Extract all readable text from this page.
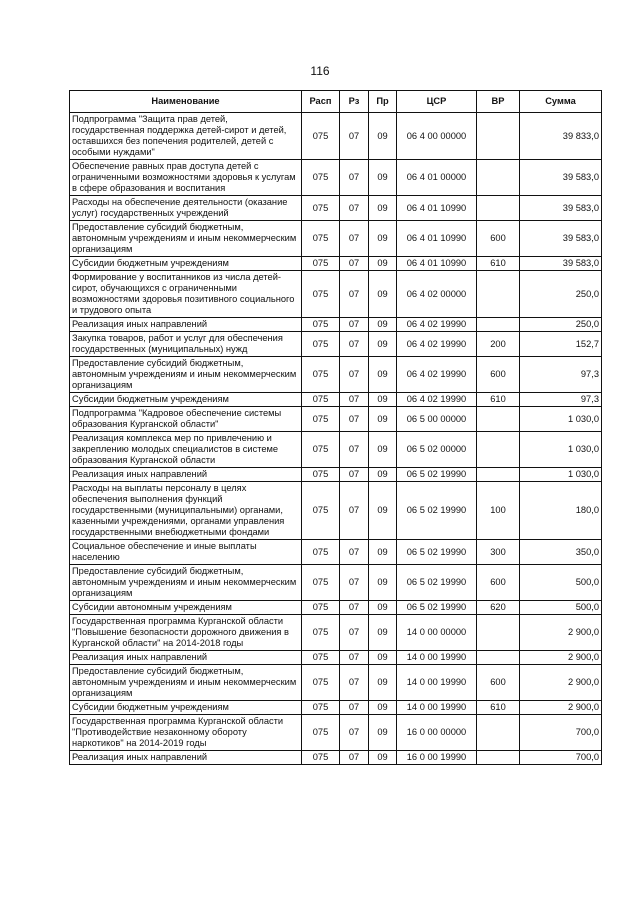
116
Наименование	Расп	Рз	Пр	ЦСР	ВР	Сумма
Подпрограмма "Защита прав детей, государственная поддержка детей-сирот и детей, оставшихся без попечения родителей, детей с особыми нуждами"	075	07	09	06 4 00 00000		39 833,0
Обеспечение равных прав доступа детей с ограниченными возможностями здоровья к услугам в сфере образования и воспитания	075	07	09	06 4 01 00000		39 583,0
Расходы на обеспечение деятельности (оказание услуг) государственных учреждений	075	07	09	06 4 01 10990		39 583,0
Предоставление субсидий бюджетным, автономным учреждениям и иным некоммерческим организациям	075	07	09	06 4 01 10990	600	39 583,0
Субсидии бюджетным учреждениям	075	07	09	06 4 01 10990	610	39 583,0
Формирование у воспитанников из числа детей-сирот, обучающихся с ограниченными возможностями здоровья позитивного социального и трудового опыта	075	07	09	06 4 02 00000		250,0
Реализация иных направлений	075	07	09	06 4 02 19990		250,0
Закупка товаров, работ и услуг для обеспечения государственных (муниципальных) нужд	075	07	09	06 4 02 19990	200	152,7
Предоставление субсидий бюджетным, автономным учреждениям и иным некоммерческим организациям	075	07	09	06 4 02 19990	600	97,3
Субсидии бюджетным учреждениям	075	07	09	06 4 02 19990	610	97,3
Подпрограмма "Кадровое обеспечение системы образования Курганской области"	075	07	09	06 5 00 00000		1 030,0
Реализация комплекса мер по привлечению и закреплению молодых специалистов в системе образования Курганской области	075	07	09	06 5 02 00000		1 030,0
Реализация иных направлений	075	07	09	06 5 02 19990		1 030,0
Расходы на выплаты персоналу в целях обеспечения выполнения функций государственными (муниципальными) органами, казенными учреждениями, органами управления государственными внебюджетными фондами	075	07	09	06 5 02 19990	100	180,0
Социальное обеспечение и иные выплаты населению	075	07	09	06 5 02 19990	300	350,0
Предоставление субсидий бюджетным, автономным учреждениям и иным некоммерческим организациям	075	07	09	06 5 02 19990	600	500,0
Субсидии автономным учреждениям	075	07	09	06 5 02 19990	620	500,0
Государственная программа Курганской области "Повышение безопасности дорожного движения в Курганской области" на 2014-2018 годы	075	07	09	14 0 00 00000		2 900,0
Реализация иных направлений	075	07	09	14 0 00 19990		2 900,0
Предоставление субсидий бюджетным, автономным учреждениям и иным некоммерческим организациям	075	07	09	14 0 00 19990	600	2 900,0
Субсидии бюджетным учреждениям	075	07	09	14 0 00 19990	610	2 900,0
Государственная программа Курганской области "Противодействие незаконному обороту наркотиков" на 2014-2019 годы	075	07	09	16 0 00 00000		700,0
Реализация иных направлений	075	07	09	16 0 00 19990		700,0
